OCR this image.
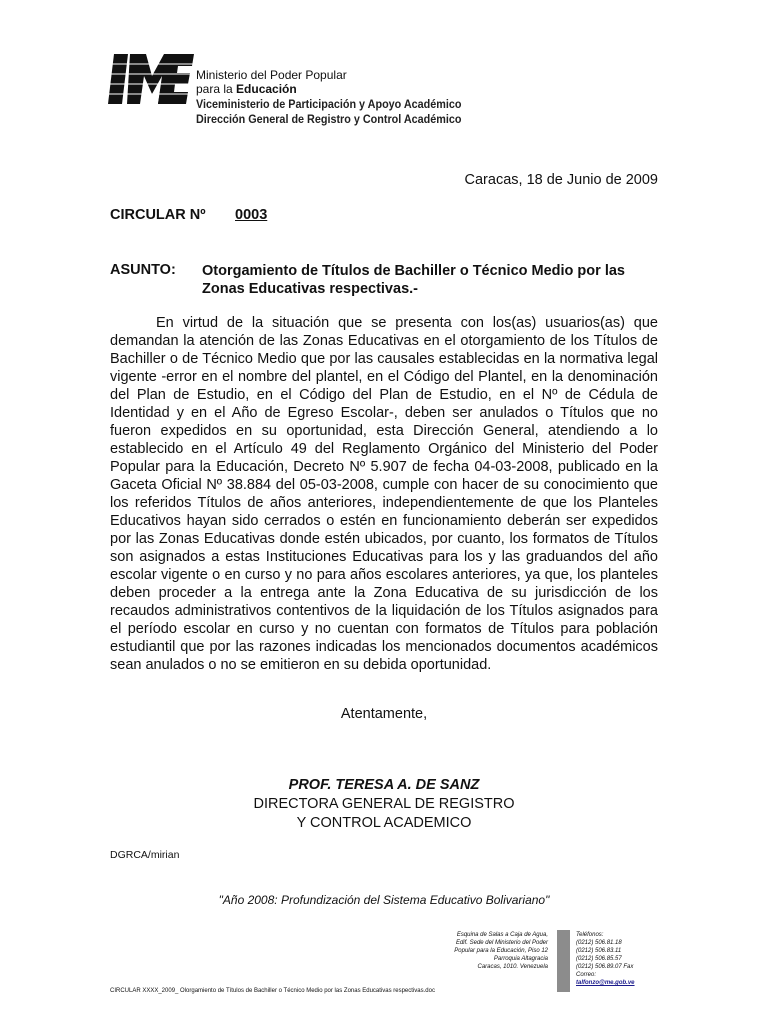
Ministerio del Poder Popular
para la Educación
Viceministerio de Participación y Apoyo Académico
Dirección General de Registro y Control Académico
Caracas, 18 de Junio de 2009
CIRCULAR Nº 0003
ASUNTO: Otorgamiento de Títulos de Bachiller o Técnico Medio por las Zonas Educativas respectivas.-
En virtud de la situación que se presenta con los(as) usuarios(as) que demandan la atención de las Zonas Educativas en el otorgamiento de los Títulos de Bachiller o de Técnico Medio que por las causales establecidas en la normativa legal vigente -error en el nombre del plantel, en el Código del Plantel, en la denominación del Plan de Estudio, en el Código del Plan de Estudio, en el Nº de Cédula de Identidad y en el Año de Egreso Escolar-, deben ser anulados o Títulos que no fueron expedidos en su oportunidad, esta Dirección General, atendiendo a lo establecido en el Artículo 49 del Reglamento Orgánico del Ministerio del Poder Popular para la Educación, Decreto Nº 5.907 de fecha 04-03-2008, publicado en la Gaceta Oficial Nº 38.884 del 05-03-2008, cumple con hacer de su conocimiento que los referidos Títulos de años anteriores, independientemente de que los Planteles Educativos hayan sido cerrados o estén en funcionamiento deberán ser expedidos por las Zonas Educativas donde estén ubicados, por cuanto, los formatos de Títulos son asignados a estas Instituciones Educativas para los y las graduandos del año escolar vigente o en curso y no para años escolares anteriores, ya que, los planteles deben proceder a la entrega ante la Zona Educativa de su jurisdicción de los recaudos administrativos contentivos de la liquidación de los Títulos asignados para el período escolar en curso y no cuentan con formatos de Títulos para población estudiantil que por las razones indicadas los mencionados documentos académicos sean anulados o no se emitieron en su debida oportunidad.
Atentamente,
PROF. TERESA A. DE SANZ
DIRECTORA GENERAL DE REGISTRO
Y CONTROL ACADEMICO
DGRCA/mirian
"Año 2008: Profundización del Sistema Educativo Bolivariano"
Esquina de Salas a Caja de Agua,
Edif. Sede del Ministerio del Poder
Popular para la Educación, Piso 12
Parroquia Altagracia
Caracas, 1010. Venezuela
Teléfonos:
(0212) 506.81.18
(0212) 506.83.11
(0212) 506.85.57
(0212) 506.89.07 Fax
Correo:
talfonzo@me.gob.ve
CIRCULAR XXXX_2009_ Olorgamiento de Títulos de Bachiller o Técnico Medio por las Zonas Educativas respectivas.doc
